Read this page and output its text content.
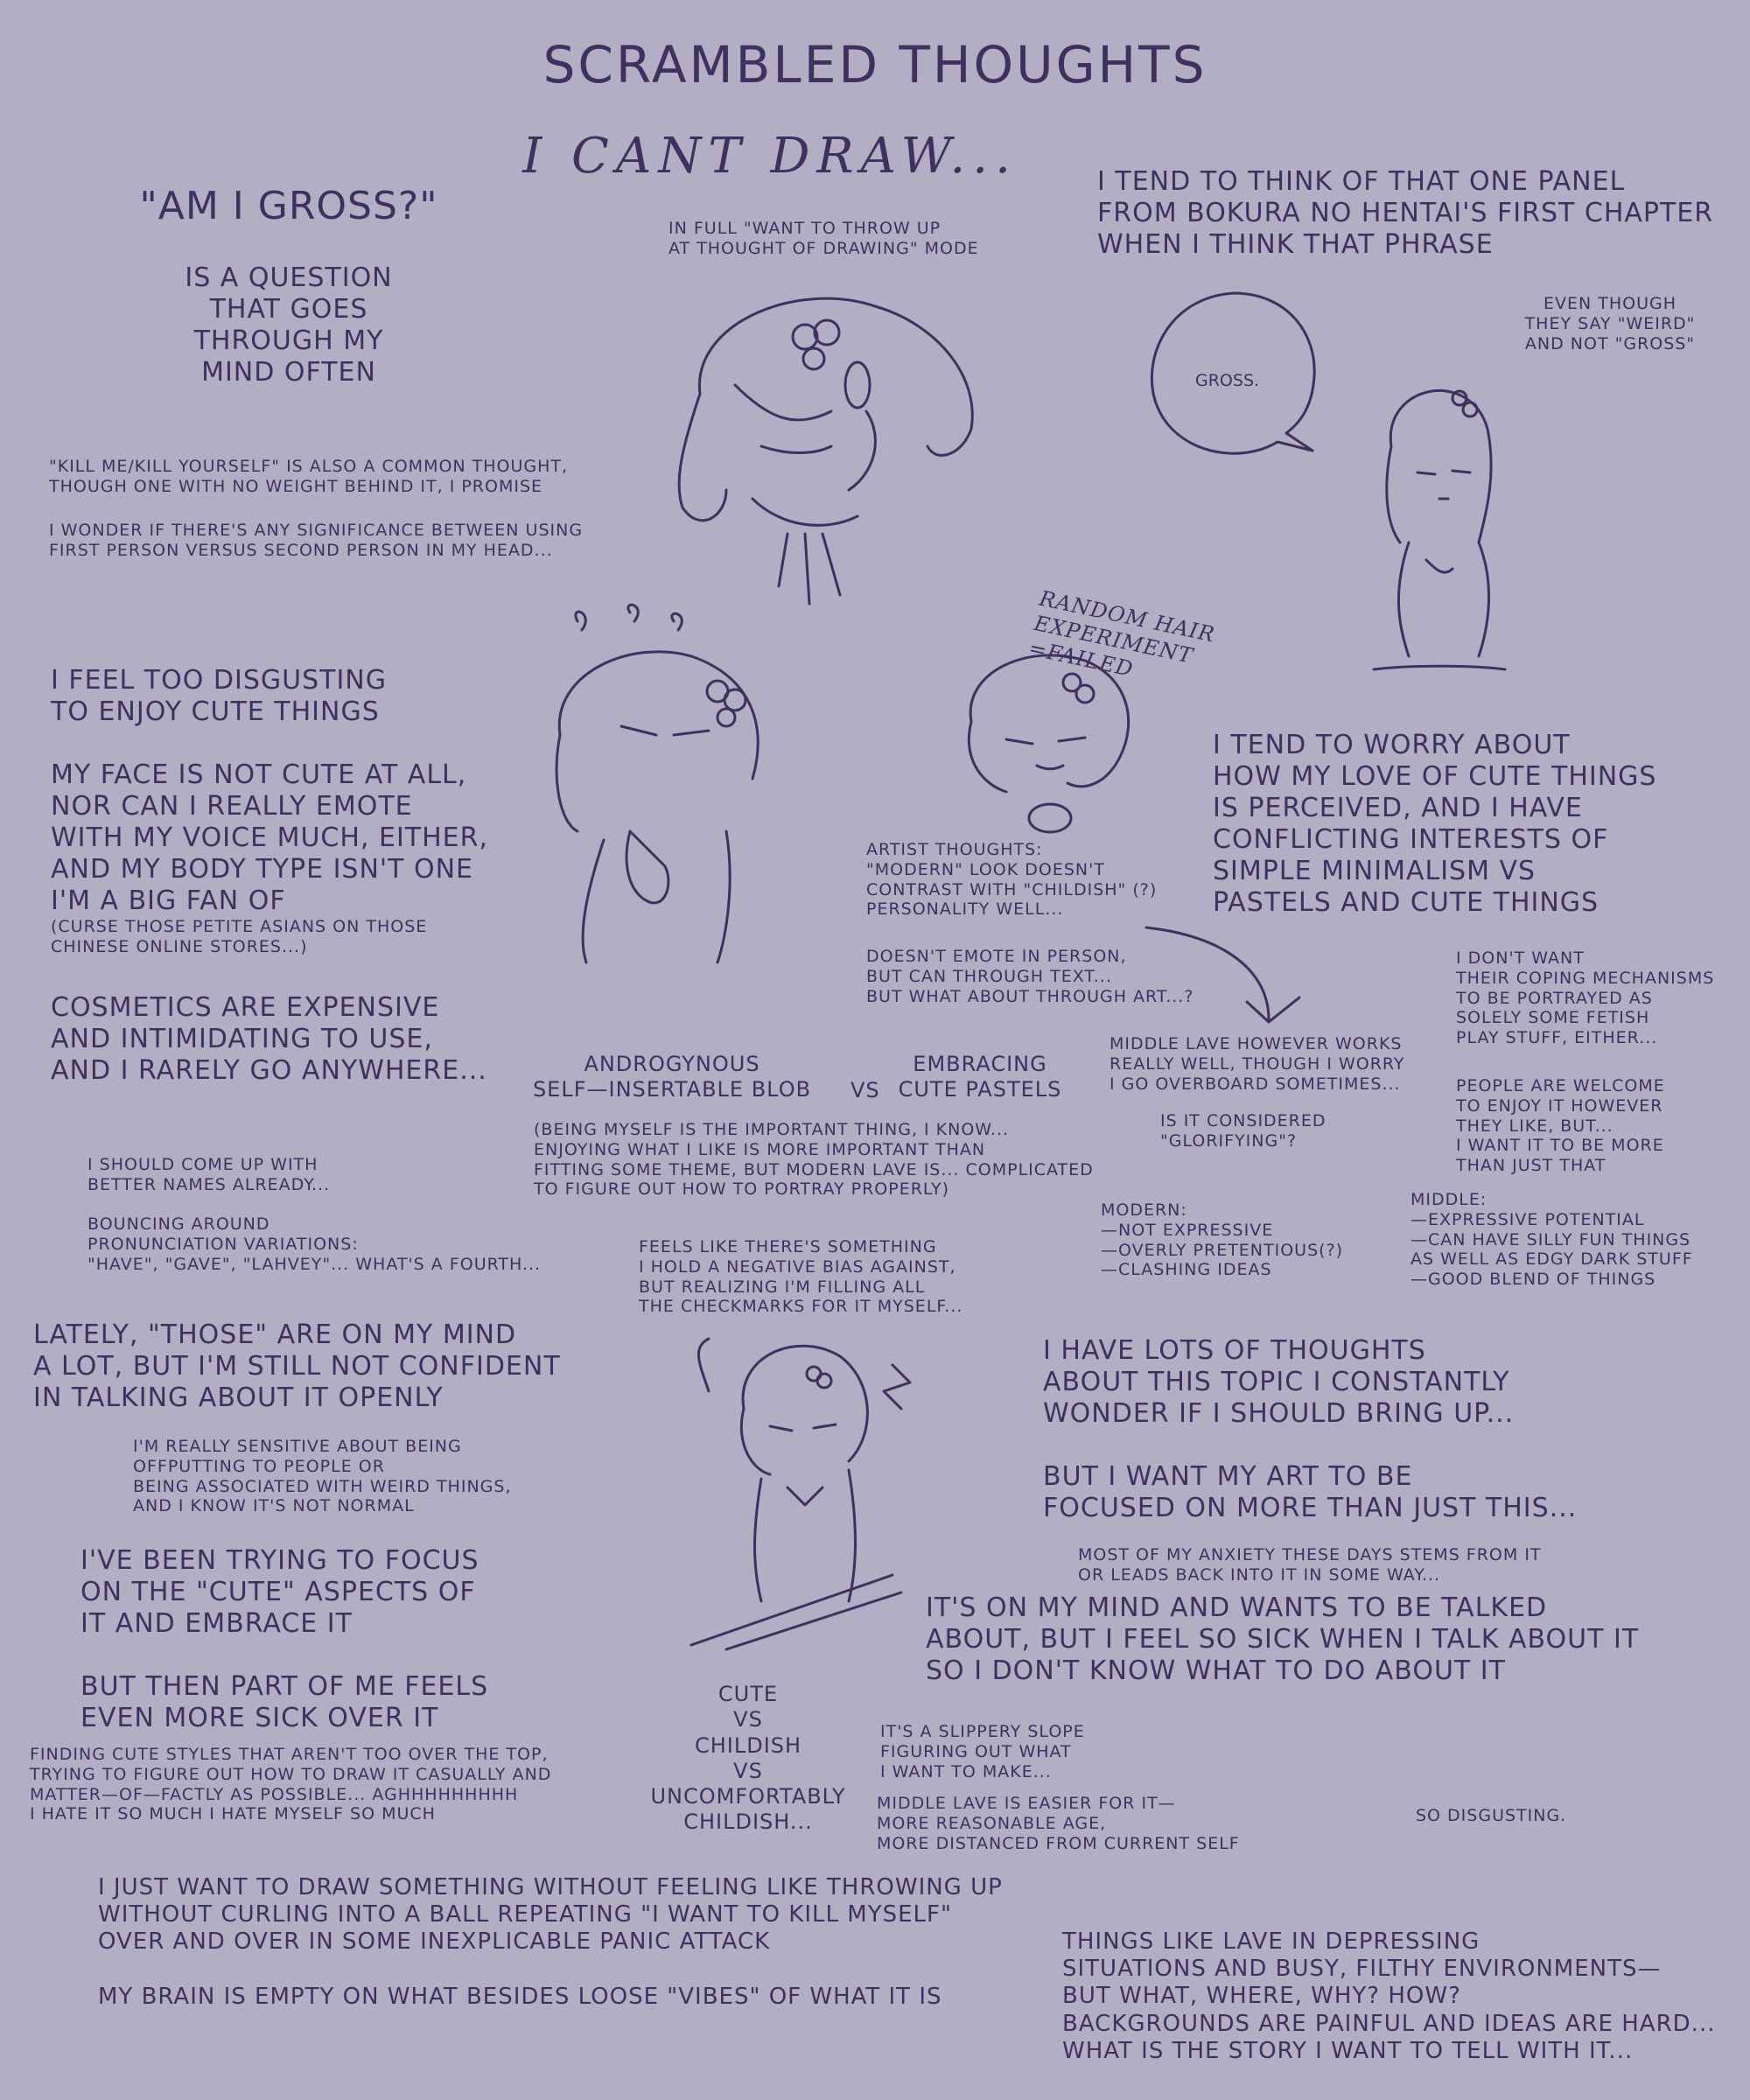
SCRAMBLED THOUGHTS
I CANT DRAW...
"AM I GROSS?"
IS A QUESTION
THAT GOES
THROUGH MY
MIND OFTEN
"KILL ME/KILL YOURSELF" IS ALSO A COMMON THOUGHT,
THOUGH ONE WITH NO WEIGHT BEHIND IT, I PROMISE
I WONDER IF THERE'S ANY SIGNIFICANCE BETWEEN USING
FIRST PERSON VERSUS SECOND PERSON IN MY HEAD...
IN FULL "WANT TO THROW UP
AT THOUGHT OF DRAWING" MODE
I TEND TO THINK OF THAT ONE PANEL
FROM BOKURA NO HENTAI'S FIRST CHAPTER
WHEN I THINK THAT PHRASE
EVEN THOUGH
THEY SAY "WEIRD"
AND NOT "GROSS"
GROSS.
I FEEL TOO DISGUSTING
TO ENJOY CUTE THINGS

MY FACE IS NOT CUTE AT ALL,
NOR CAN I REALLY EMOTE
WITH MY VOICE MUCH, EITHER,
AND MY BODY TYPE ISN'T ONE
I'M A BIG FAN OF
(CURSE THOSE PETITE ASIANS ON THOSE
CHINESE ONLINE STORES...)
COSMETICS ARE EXPENSIVE
AND INTIMIDATING TO USE,
AND I RARELY GO ANYWHERE...
RANDOM HAIR
EXPERIMENT
=FAILED
ARTIST THOUGHTS:
"MODERN" LOOK DOESN'T
CONTRAST WITH "CHILDISH" (?)
PERSONALITY WELL...
DOESN'T EMOTE IN PERSON,
BUT CAN THROUGH TEXT...
BUT WHAT ABOUT THROUGH ART...?
I TEND TO WORRY ABOUT
HOW MY LOVE OF CUTE THINGS
IS PERCEIVED, AND I HAVE
CONFLICTING INTERESTS OF
SIMPLE MINIMALISM VS
PASTELS AND CUTE THINGS
I DON'T WANT
THEIR COPING MECHANISMS
TO BE PORTRAYED AS
SOLELY SOME FETISH
PLAY STUFF, EITHER...
PEOPLE ARE WELCOME
TO ENJOY IT HOWEVER
THEY LIKE, BUT...
I WANT IT TO BE MORE
THAN JUST THAT
MIDDLE LAVE HOWEVER WORKS
REALLY WELL, THOUGH I WORRY
I GO OVERBOARD SOMETIMES...
IS IT CONSIDERED
"GLORIFYING"?
ANDROGYNOUS
SELF—INSERTABLE BLOB VS
EMBRACING
CUTE PASTELS
(BEING MYSELF IS THE IMPORTANT THING, I KNOW...
ENJOYING WHAT I LIKE IS MORE IMPORTANT THAN
FITTING SOME THEME, BUT MODERN LAVE IS... COMPLICATED
TO FIGURE OUT HOW TO PORTRAY PROPERLY)
MODERN:
—NOT EXPRESSIVE
—OVERLY PRETENTIOUS(?)
—CLASHING IDEAS
MIDDLE:
—EXPRESSIVE POTENTIAL
—CAN HAVE SILLY FUN THINGS
AS WELL AS EDGY DARK STUFF
—GOOD BLEND OF THINGS
I SHOULD COME UP WITH
BETTER NAMES ALREADY...

BOUNCING AROUND
PRONUNCIATION VARIATIONS:
"HAVE", "GAVE", "LAHVEY"... WHAT'S A FOURTH...
FEELS LIKE THERE'S SOMETHING
I HOLD A NEGATIVE BIAS AGAINST,
BUT REALIZING I'M FILLING ALL
THE CHECKMARKS FOR IT MYSELF...
LATELY, "THOSE" ARE ON MY MIND
A LOT, BUT I'M STILL NOT CONFIDENT
IN TALKING ABOUT IT OPENLY
I'M REALLY SENSITIVE ABOUT BEING
OFFPUTTING TO PEOPLE OR
BEING ASSOCIATED WITH WEIRD THINGS,
AND I KNOW IT'S NOT NORMAL
I'VE BEEN TRYING TO FOCUS
ON THE "CUTE" ASPECTS OF
IT AND EMBRACE IT

BUT THEN PART OF ME FEELS
EVEN MORE SICK OVER IT
FINDING CUTE STYLES THAT AREN'T TOO OVER THE TOP,
TRYING TO FIGURE OUT HOW TO DRAW IT CASUALLY AND
MATTER—OF—FACTLY AS POSSIBLE... AGHHHHHHHHH
I HATE IT SO MUCH I HATE MYSELF SO MUCH
CUTE
VS
CHILDISH
VS
UNCOMFORTABLY
CHILDISH...
I HAVE LOTS OF THOUGHTS
ABOUT THIS TOPIC I CONSTANTLY
WONDER IF I SHOULD BRING UP...

BUT I WANT MY ART TO BE
FOCUSED ON MORE THAN JUST THIS...
MOST OF MY ANXIETY THESE DAYS STEMS FROM IT
OR LEADS BACK INTO IT IN SOME WAY...
IT'S ON MY MIND AND WANTS TO BE TALKED
ABOUT, BUT I FEEL SO SICK WHEN I TALK ABOUT IT
SO I DON'T KNOW WHAT TO DO ABOUT IT
IT'S A SLIPPERY SLOPE
FIGURING OUT WHAT
I WANT TO MAKE...
MIDDLE LAVE IS EASIER FOR IT—
MORE REASONABLE AGE,
MORE DISTANCED FROM CURRENT SELF
SO DISGUSTING.
I JUST WANT TO DRAW SOMETHING WITHOUT FEELING LIKE THROWING UP
WITHOUT CURLING INTO A BALL REPEATING "I WANT TO KILL MYSELF"
OVER AND OVER IN SOME INEXPLICABLE PANIC ATTACK

MY BRAIN IS EMPTY ON WHAT BESIDES LOOSE "VIBES" OF WHAT IT IS
THINGS LIKE LAVE IN DEPRESSING
SITUATIONS AND BUSY, FILTHY ENVIRONMENTS—
BUT WHAT, WHERE, WHY? HOW?
BACKGROUNDS ARE PAINFUL AND IDEAS ARE HARD...
WHAT IS THE STORY I WANT TO TELL WITH IT...
